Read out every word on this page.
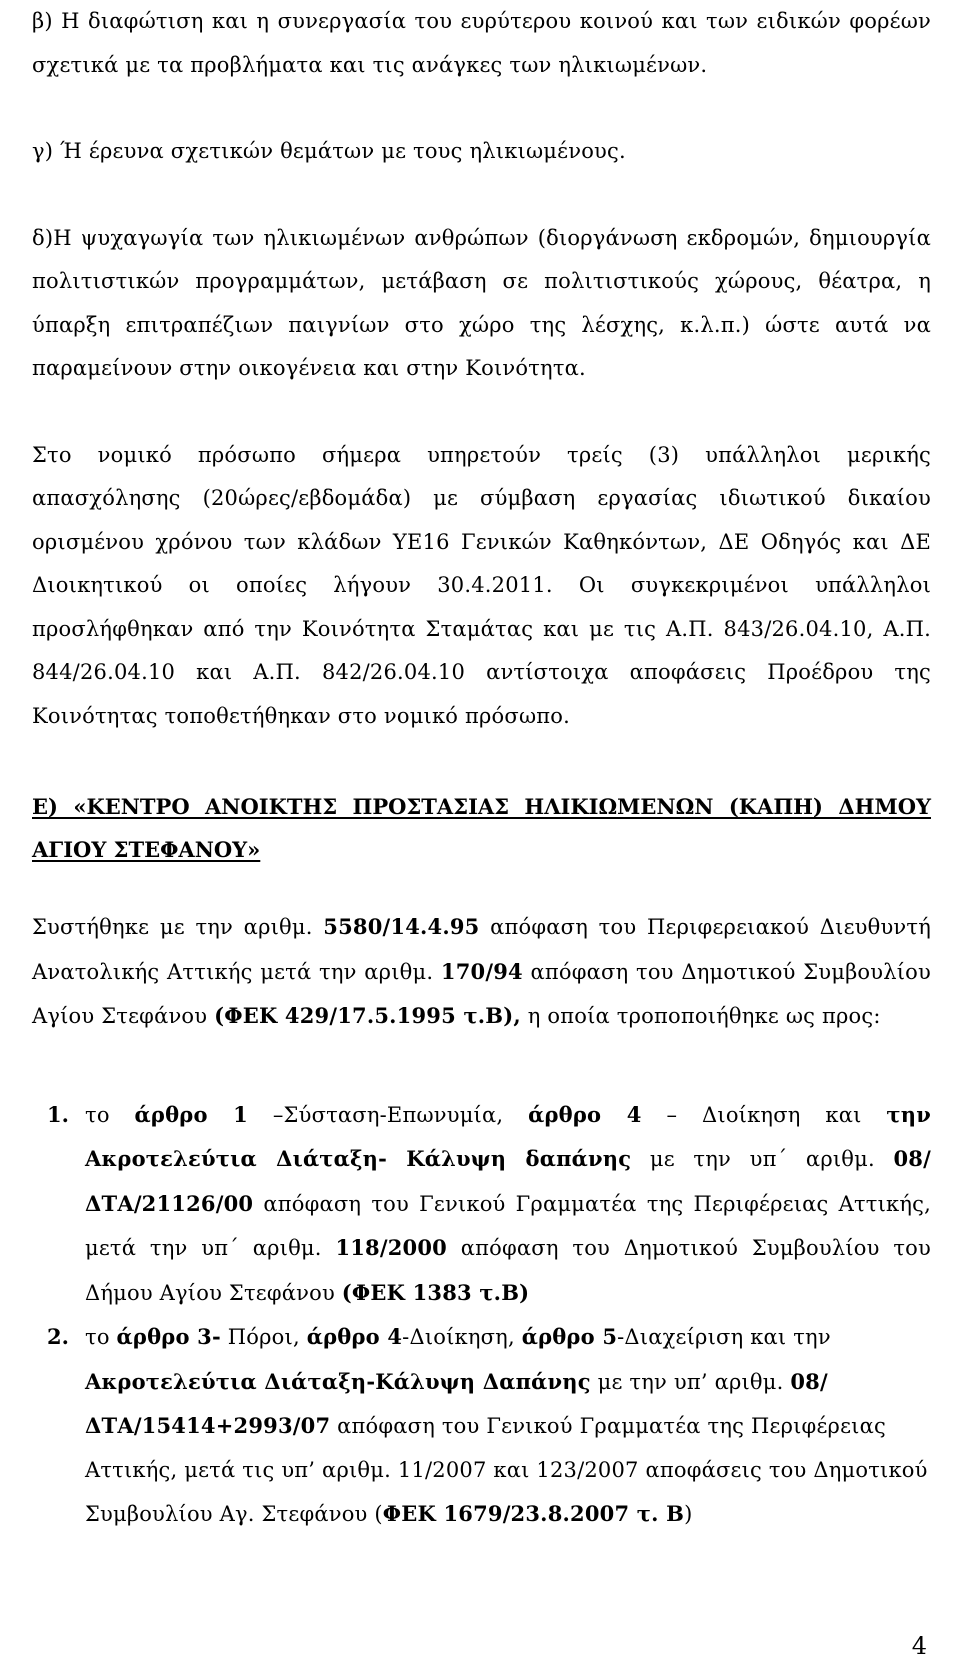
β) Η διαφώτιση και η συνεργασία του ευρύτερου κοινού και των ειδικών φορέων σχετικά με τα προβλήματα και τις ανάγκες των ηλικιωμένων.

γ) Ή έρευνα σχετικών θεμάτων με τους ηλικιωμένους.

δ)Η ψυχαγωγία των ηλικιωμένων ανθρώπων (διοργάνωση εκδρομών, δημιουργία πολιτιστικών προγραμμάτων, μετάβαση σε πολιτιστικούς χώρους, θέατρα, η ύπαρξη επιτραπέζιων παιγνίων στο χώρο της λέσχης, κ.λ.π.) ώστε αυτά να παραμείνουν στην οικογένεια και στην Κοινότητα.

Στο νομικό πρόσωπο σήμερα υπηρετούν τρείς (3) υπάλληλοι μερικής απασχόλησης (20ώρες/εβδομάδα) με σύμβαση εργασίας ιδιωτικού δικαίου ορισμένου χρόνου των κλάδων ΥΕ16 Γενικών Καθηκόντων, ΔΕ Οδηγός και ΔΕ Διοικητικού οι οποίες λήγουν 30.4.2011. Οι συγκεκριμένοι υπάλληλοι προσλήφθηκαν από την Κοινότητα Σταμάτας και με τις Α.Π. 843/26.04.10, Α.Π. 844/26.04.10 και Α.Π. 842/26.04.10 αντίστοιχα αποφάσεις Προέδρου της Κοινότητας τοποθετήθηκαν στο νομικό πρόσωπο.

Ε) «ΚΕΝΤΡΟ ΑΝΟΙΚΤΗΣ ΠΡΟΣΤΑΣΙΑΣ ΗΛΙΚΙΩΜΕΝΩΝ (ΚΑΠΗ) ΔΗΜΟΥ

ΑΓΙΟΥ ΣΤΕΦΑΝΟΥ»

Συστήθηκε με την αριθμ. 5580/14.4.95 απόφαση του Περιφερειακού Διευθυντή Ανατολικής Αττικής μετά την αριθμ. 170/94 απόφαση του Δημοτικού Συμβουλίου Αγίου Στεφάνου (ΦΕΚ 429/17.5.1995 τ.Β), η οποία τροποποιήθηκε ως προς:

1. το άρθρο 1 –Σύσταση-Επωνυμία, άρθρο 4 – Διοίκηση και την Ακροτελεύτια Διάταξη- Κάλυψη δαπάνης με την υπ΄ αριθμ. 08/ΔΤΑ/21126/00 απόφαση του Γενικού Γραμματέα της Περιφέρειας Αττικής, μετά την υπ΄ αριθμ. 118/2000 απόφαση του Δημοτικού Συμβουλίου του Δήμου Αγίου Στεφάνου (ΦΕΚ 1383 τ.Β)

2. το άρθρο 3- Πόροι, άρθρο 4-Διοίκηση, άρθρο 5-Διαχείριση και την Ακροτελεύτια Διάταξη-Κάλυψη Δαπάνης με την υπ’ αριθμ. 08/ΔΤΑ/15414+2993/07 απόφαση του Γενικού Γραμματέα της Περιφέρειας Αττικής, μετά τις υπ’ αριθμ. 11/2007 και 123/2007 αποφάσεις του Δημοτικού Συμβουλίου Αγ. Στεφάνου (ΦΕΚ 1679/23.8.2007 τ. Β)

4
